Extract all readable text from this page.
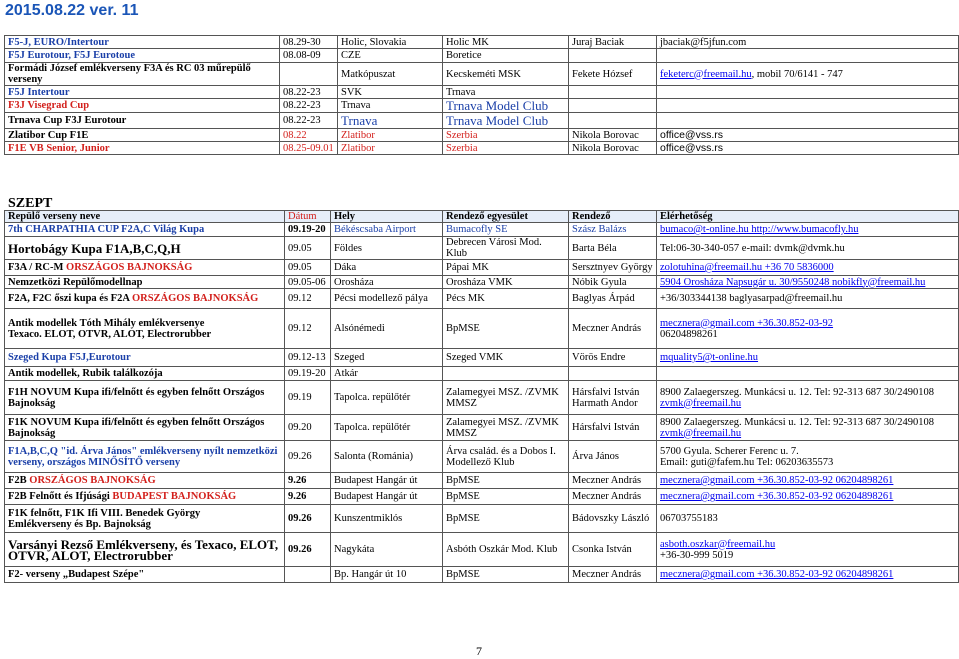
2015.08.22 ver. 11
F5-J, EURO/Intertour	08.29-30	Holic, Slovakia	Holic MK	Juraj Baciak	jbaciak@f5jfun.com
F5J Eurotour, F5J Eurotoue	08.08-09	CZE	Boretice		
Formádi József emlékverseny F3A és RC 03 műrepülő verseny		Matkópuszat	Kecskeméti MSK	Fekete Hózsef	feketerc@freemail.hu, mobil 70/6141 - 747
F5J Intertour	08.22-23	SVK	Trnava		
F3J Visegrad Cup	08.22-23	Trnava	Trnava Model Club		
Trnava Cup F3J Eurotour	08.22-23	Trnava	Trnava Model Club		
Zlatibor Cup F1E	08.22	Zlatibor	Szerbia	Nikola Borovac	office@vss.rs
F1E VB Senior, Junior	08.25-09.01	Zlatibor	Szerbia	Nikola Borovac	office@vss.rs
SZEPT
Repülő verseny neve	Dátum	Hely	Rendező egyesület	Rendező	Elérhetőség
7th CHARPATHIA CUP F2A,C Világ Kupa	09.19-20	Békéscsaba Airport	Bumacofly SE	Szász Balázs	bumaco@t-online.hu http://www.bumacofly.hu
Hortobágy Kupa F1A,B,C,Q,H	09.05	Földes	Debrecen Városi Mod. Klub	Barta Béla	Tel:06-30-340-057 e-mail: dvmk@dvmk.hu
F3A / RC-M ORSZÁGOS BAJNOKSÁG	09.05	Dáka	Pápai MK	Sersztnyev György	zolotuhina@freemail.hu +36 70 5836000
Nemzetközi Repülőmodellnap	09.05-06	Orosháza	Orosháza VMK	Nóbik Gyula	5904 Orosháza Napsugár u. 30/9550248 nobikfly@freemail.hu
F2A, F2C őszi kupa és F2A ORSZÁGOS BAJNOKSÁG	09.12	Pécsi modellező pálya	Pécs MK	Baglyas Árpád	+36/303344138 baglyasarpad@freemail.hu
Antik modellek Tóth Mihály emlékversenye
Texaco. ELOT, OTVR, ALOT, Electrorubber	09.12	Alsónémedi	BpMSE	Meczner András	mecznera@gmail.com +36.30.852-03-92
06204898261
Szeged Kupa F5J,Eurotour	09.12-13	Szeged	Szeged VMK	Vörös Endre	mquality5@t-online.hu
Antik modellek, Rubik találkozója	09.19-20	Atkár			
F1H NOVUM Kupa ifi/felnőtt és egyben felnőtt Országos Bajnokság	09.19	Tapolca. repülőtér	Zalamegyei MSZ. /ZVMK MMSZ	Hársfalvi István Harmath Andor	8900 Zalaegerszeg. Munkácsi u. 12. Tel: 92-313 687 30/2490108
zvmk@freemail.hu
F1K NOVUM Kupa ifi/felnőtt és egyben felnőtt Országos Bajnokság	09.20	Tapolca. repülőtér	Zalamegyei MSZ. /ZVMK MMSZ	Hársfalvi István	8900 Zalaegerszeg. Munkácsi u. 12. Tel: 92-313 687 30/2490108
zvmk@freemail.hu
F1A,B,C,Q "id. Árva János" emlékverseny nyílt nemzetközi verseny, országos MINŐSÍTŐ verseny	09.26	Salonta (Románia)	Árva család. és a Dobos I. Modellező Klub	Árva János	5700 Gyula. Scherer Ferenc u. 7.
Email: guti@fafem.hu Tel: 06203635573
F2B ORSZÁGOS BAJNOKSÁG	9.26	Budapest Hangár út	BpMSE	Meczner András	mecznera@gmail.com +36.30.852-03-92 06204898261
F2B Felnőtt és Ifjúsági BUDAPEST BAJNOKSÁG	9.26	Budapest Hangár út	BpMSE	Meczner András	mecznera@gmail.com +36.30.852-03-92 06204898261
F1K felnőtt, F1K Ifi VIII. Benedek György
Emlékverseny és Bp. Bajnokság	09.26	Kunszentmiklós	BpMSE	Bádovszky László	06703755183
Varsányi Rezső Emlékverseny, és Texaco, ELOT, OTVR, ALOT, Electrorubber	09.26	Nagykáta	Asbóth Oszkár Mod. Klub	Csonka István	asboth.oszkar@freemail.hu
+36-30-999 5019
F2- verseny „Budapest Szépe"		Bp. Hangár út 10	BpMSE	Meczner András	mecznera@gmail.com +36.30.852-03-92 06204898261
7
